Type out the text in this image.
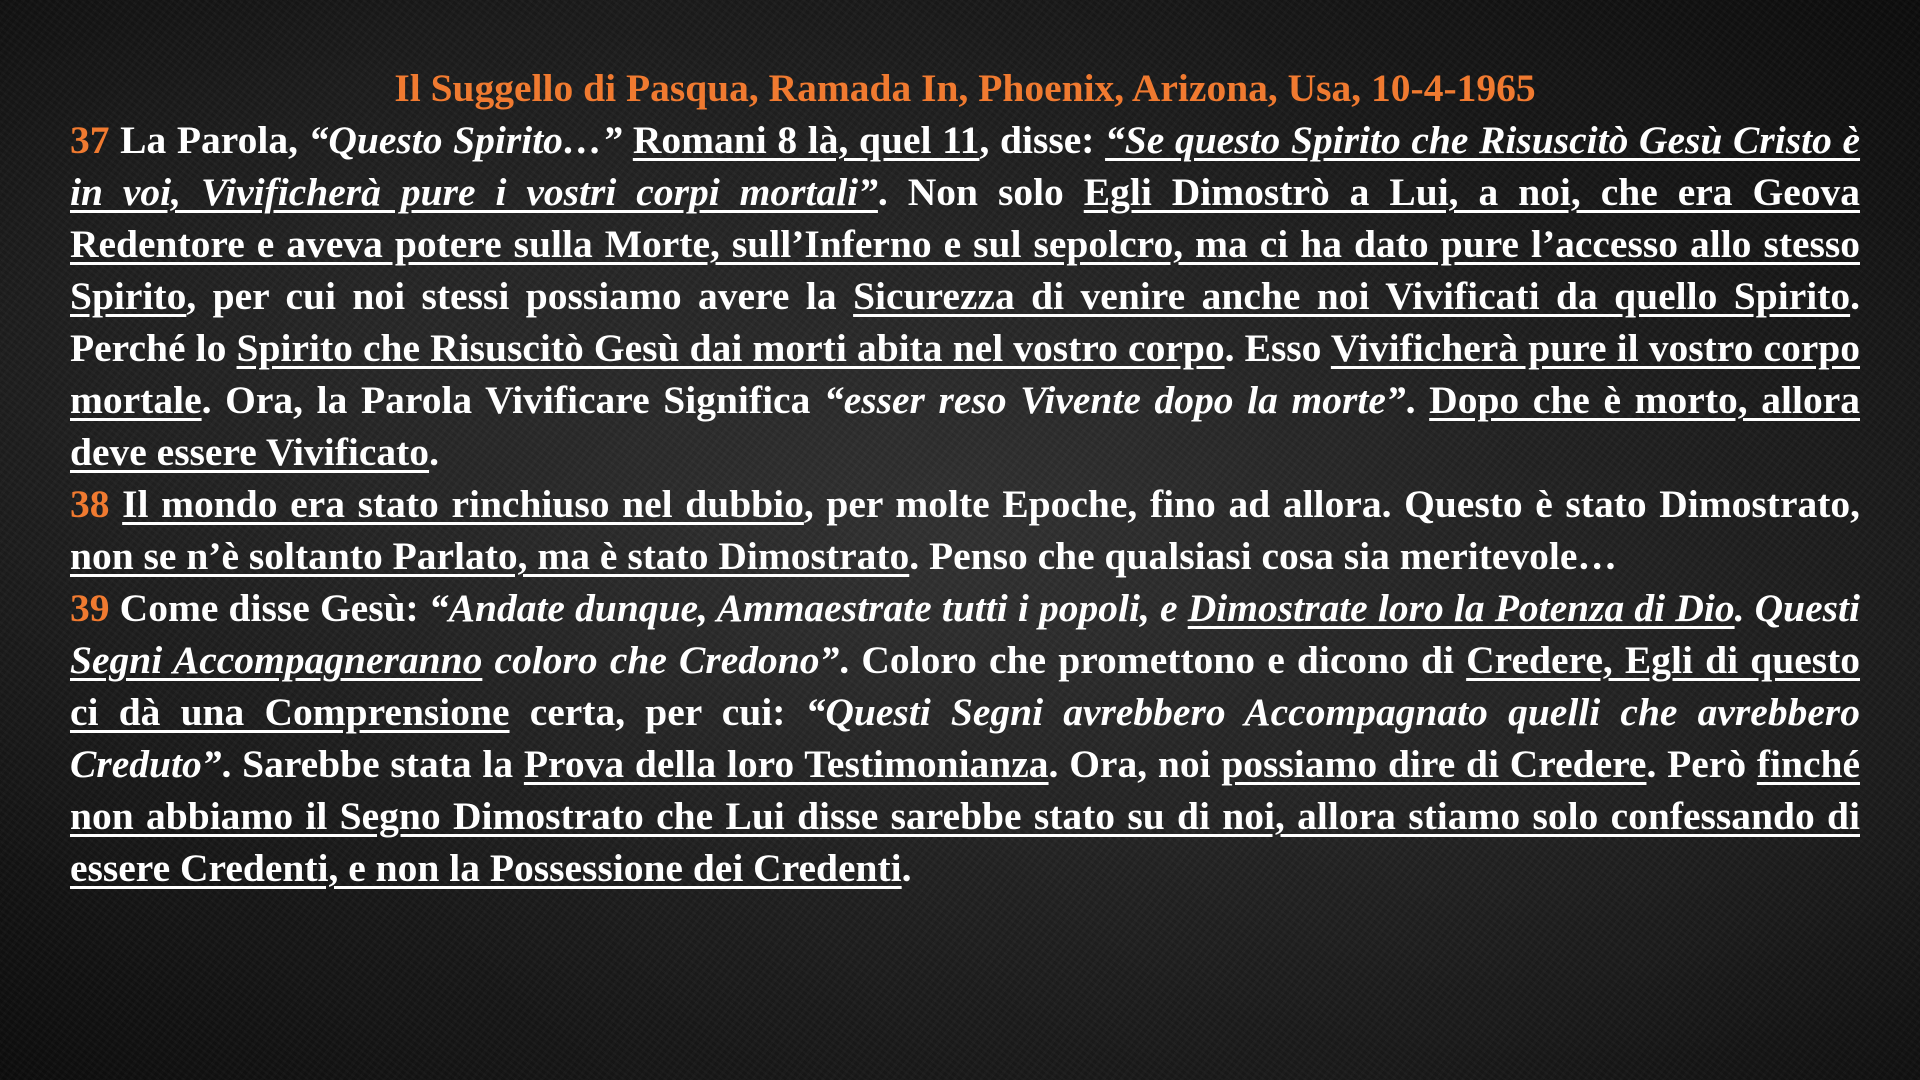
Il Suggello di Pasqua, Ramada In, Phoenix, Arizona, Usa, 10-4-1965

37 La Parola, “Questo Spirito…” Romani 8 là, quel 11, disse: “Se questo Spirito che Risuscitò Gesù Cristo è in voi, Vivificherà pure i vostri corpi mortali”. Non solo Egli Dimostrò a Lui, a noi, che era Geova Redentore e aveva potere sulla Morte, sull’Inferno e sul sepolcro, ma ci ha dato pure l’accesso allo stesso Spirito, per cui noi stessi possiamo avere la Sicurezza di venire anche noi Vivificati da quello Spirito. Perché lo Spirito che Risuscitò Gesù dai morti abita nel vostro corpo. Esso Vivificherà pure il vostro corpo mortale. Ora, la Parola Vivificare Significa “esser reso Vivente dopo la morte”. Dopo che è morto, allora deve essere Vivificato.

38 Il mondo era stato rinchiuso nel dubbio, per molte Epoche, fino ad allora. Questo è stato Dimostrato, non se n’è soltanto Parlato, ma è stato Dimostrato. Penso che qualsiasi cosa sia meritevole…

39 Come disse Gesù: “Andate dunque, Ammaestrate tutti i popoli, e Dimostrate loro la Potenza di Dio. Questi Segni Accompagneranno coloro che Credono”. Coloro che promettono e dicono di Credere, Egli di questo ci dà una Comprensione certa, per cui: “Questi Segni avrebbero Accompagnato quelli che avrebbero Creduto”. Sarebbe stata la Prova della loro Testimonianza. Ora, noi possiamo dire di Credere. Però finché non abbiamo il Segno Dimostrato che Lui disse sarebbe stato su di noi, allora stiamo solo confessando di essere Credenti, e non la Possessione dei Credenti.
